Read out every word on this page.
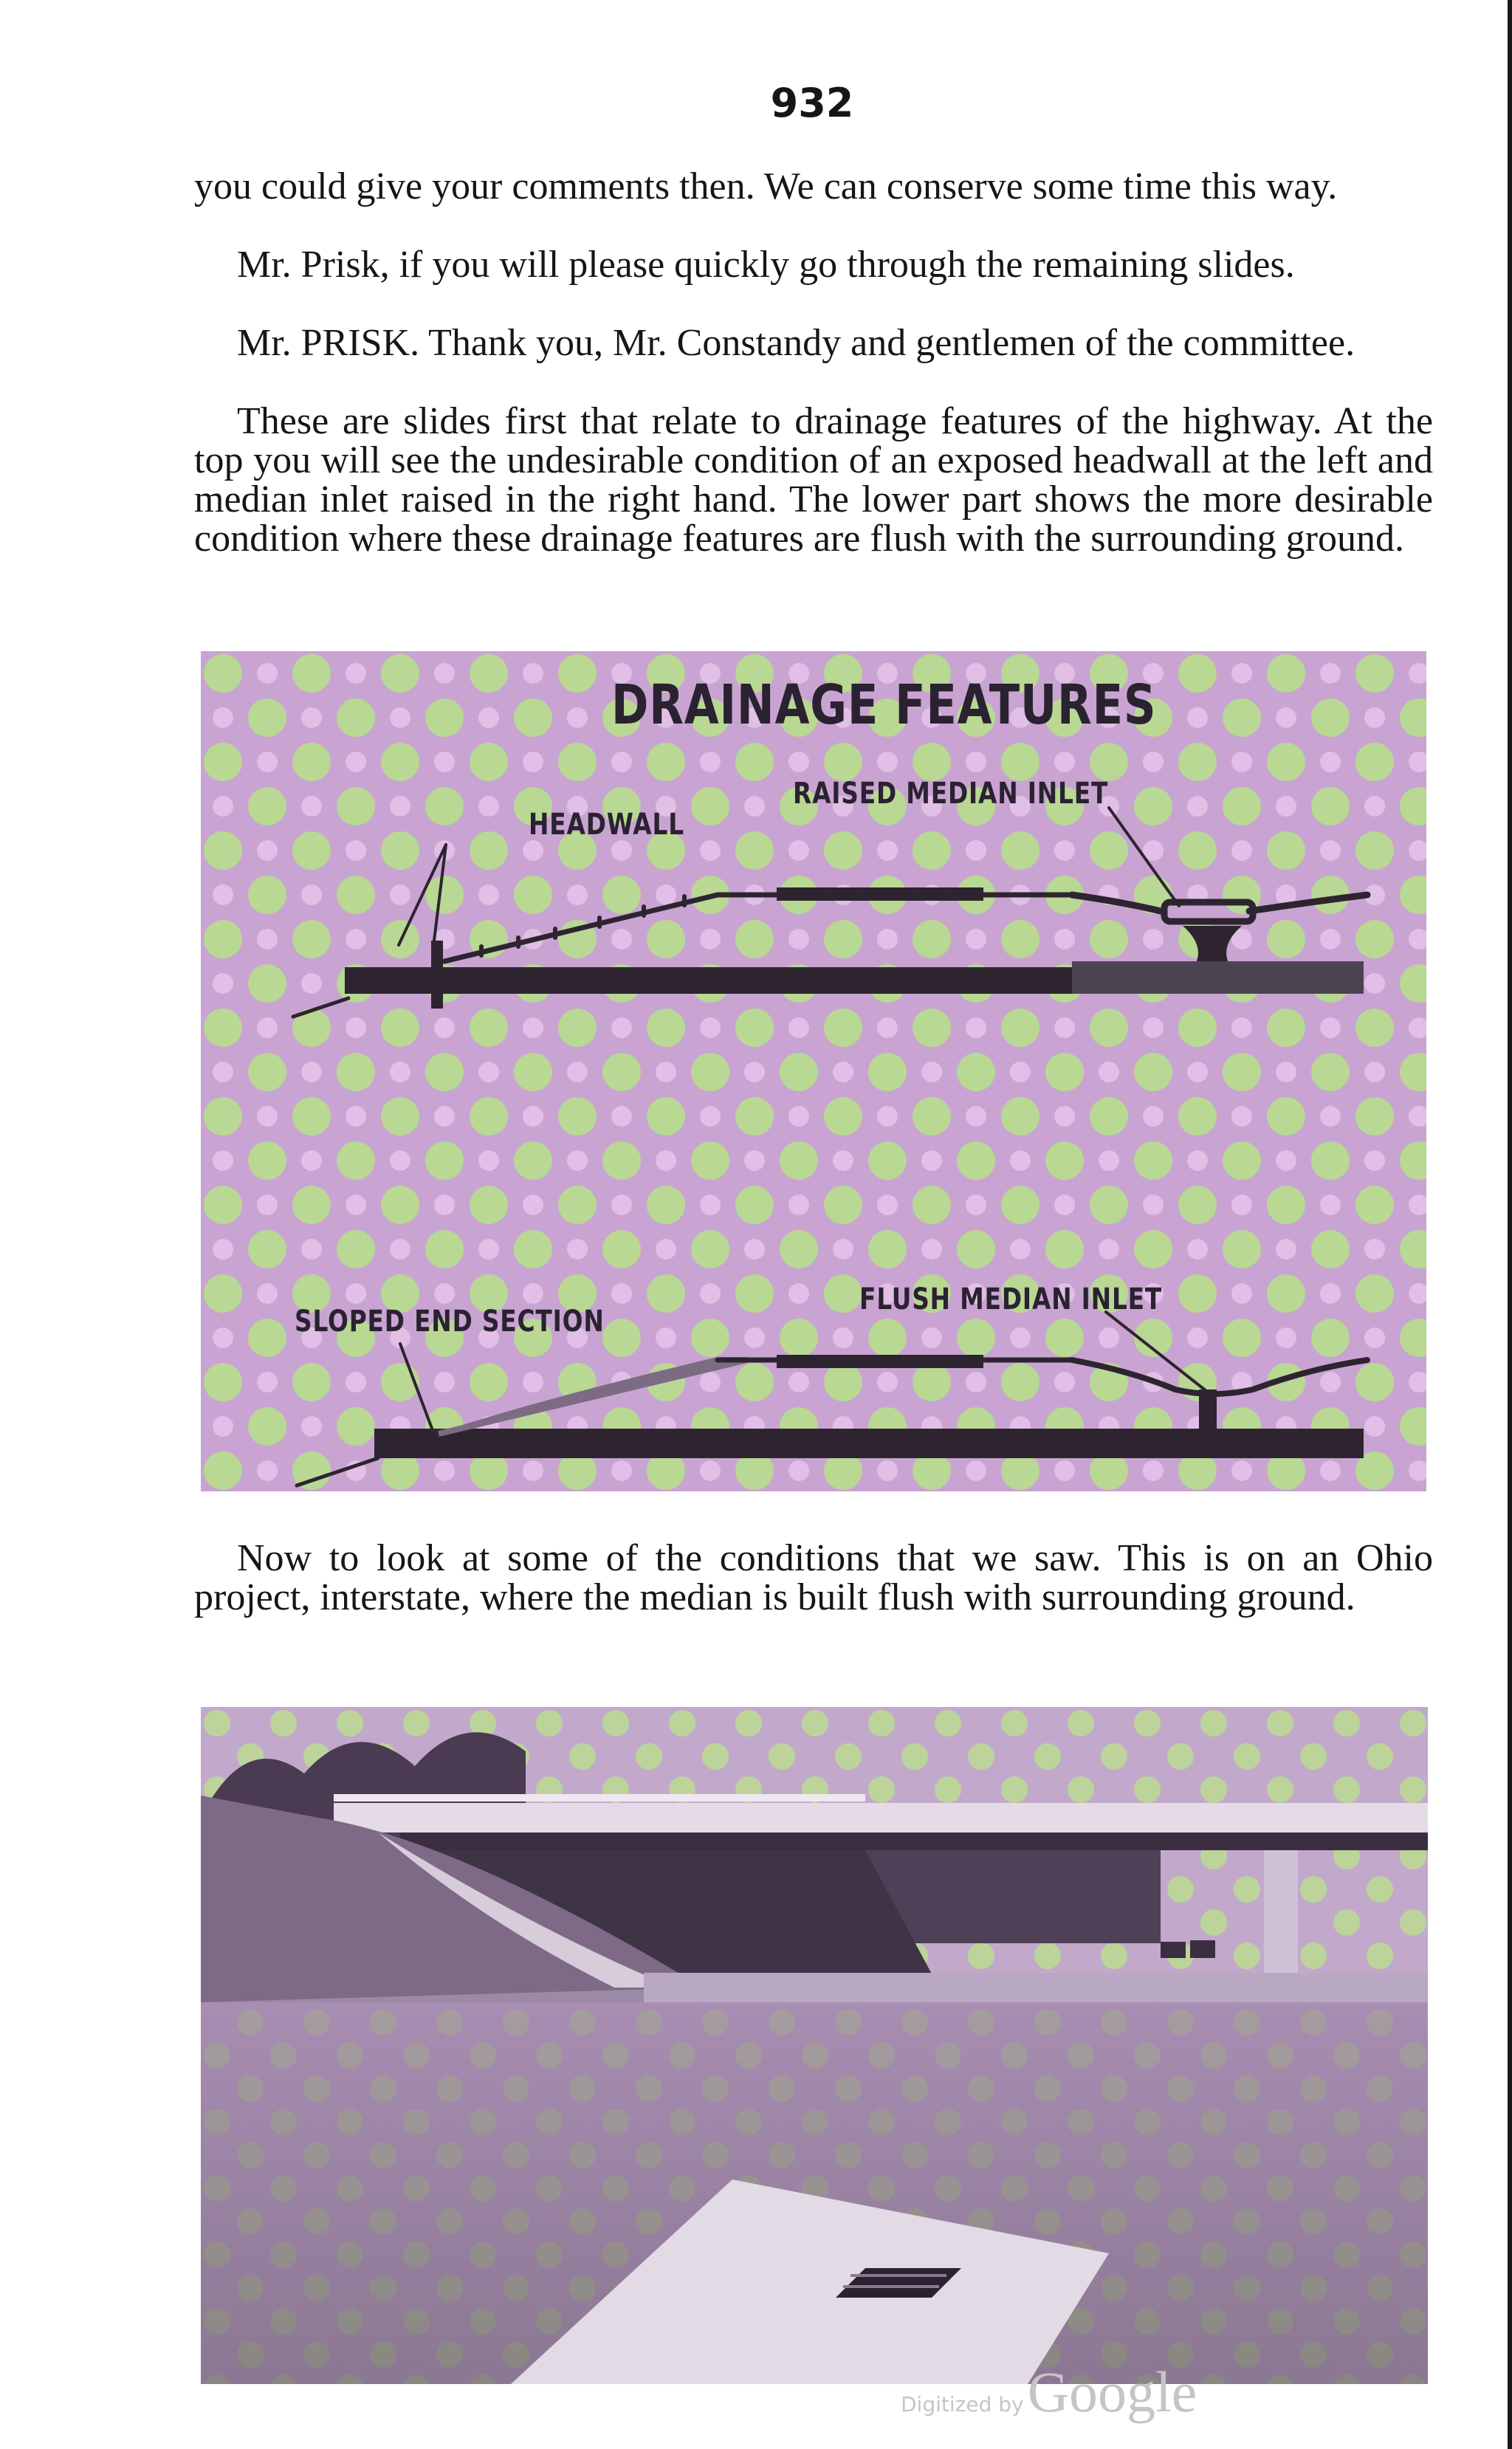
932

you could give your comments then. We can conserve some time this way.

Mr. Prisk, if you will please quickly go through the remaining slides.

Mr. PRISK. Thank you, Mr. Constandy and gentlemen of the committee.

These are slides first that relate to drainage features of the highway. At the top you will see the undesirable condition of an exposed headwall at the left and median inlet raised in the right hand. The lower part shows the more desirable condition where these drainage features are flush with the surrounding ground.

DRAINAGE FEATURES
HEADWALL
RAISED MEDIAN INLET
SLOPED END SECTION
FLUSH MEDIAN INLET

Now to look at some of the conditions that we saw. This is on an Ohio project, interstate, where the median is built flush with surrounding ground.

Digitized by Google
